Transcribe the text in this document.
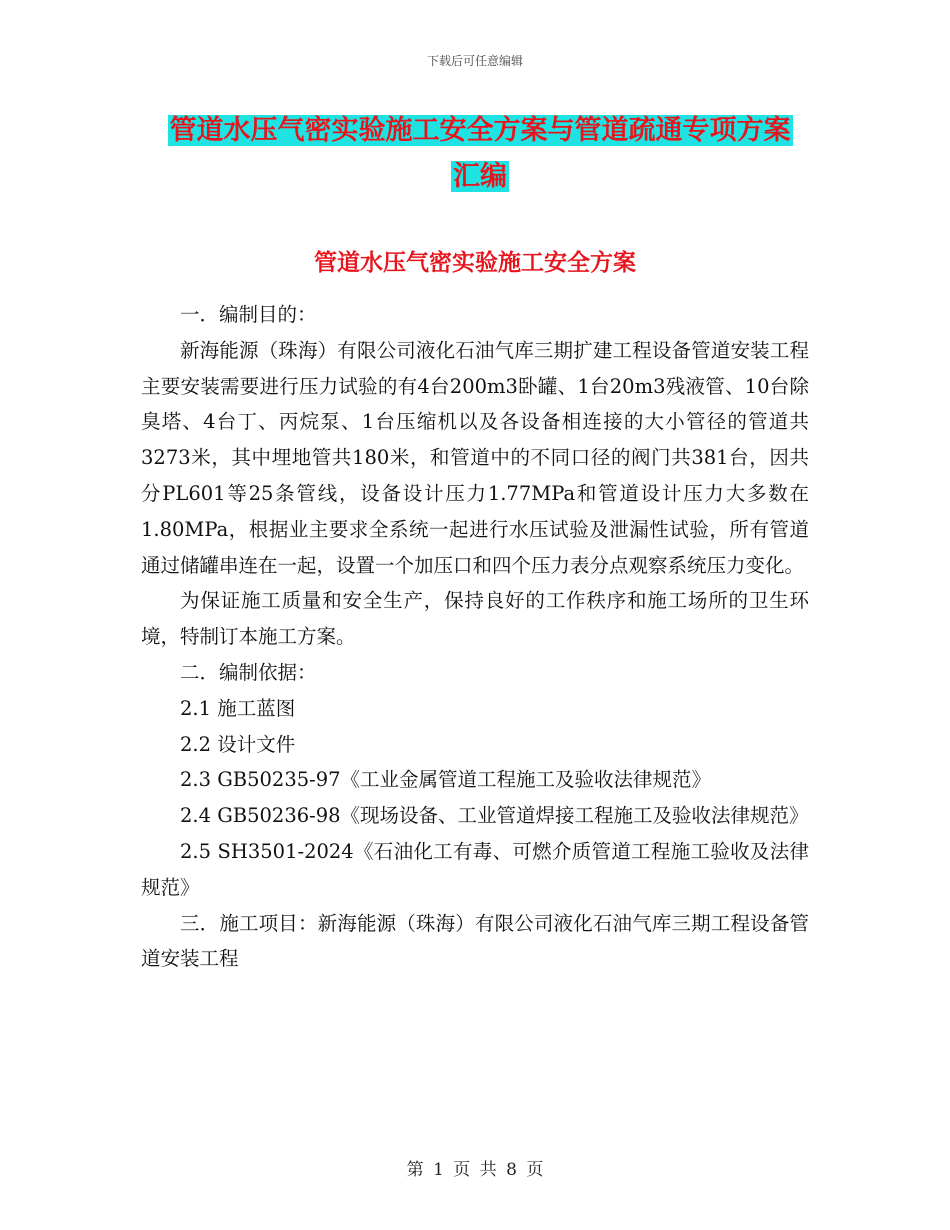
下载后可任意编辑
管道水压气密实验施工安全方案与管道疏通专项方案
汇编
管道水压气密实验施工安全方案

一．编制目的：

新海能源（珠海）有限公司液化石油气库三期扩建工程设备管道安装工程主要安装需要进行压力试验的有4台200m3卧罐、1台20m3残液管、10台除臭塔、4台丁、丙烷泵、1台压缩机以及各设备相连接的大小管径的管道共3273米，其中埋地管共180米，和管道中的不同口径的阀门共381台，因共分PL601等25条管线，设备设计压力1.77MPa和管道设计压力大多数在1.80MPa，根据业主要求全系统一起进行水压试验及泄漏性试验，所有管道通过储罐串连在一起，设置一个加压口和四个压力表分点观察系统压力变化。

为保证施工质量和安全生产，保持良好的工作秩序和施工场所的卫生环境，特制订本施工方案。

二．编制依据：

2.1 施工蓝图

2.2 设计文件

2.3 GB50235-97《工业金属管道工程施工及验收法律规范》

2.4 GB50236-98《现场设备、工业管道焊接工程施工及验收法律规范》

2.5 SH3501-2024《石油化工有毒、可燃介质管道工程施工验收及法律规范》

三．施工项目：新海能源（珠海）有限公司液化石油气库三期工程设备管道安装工程

第 1 页 共 8 页
